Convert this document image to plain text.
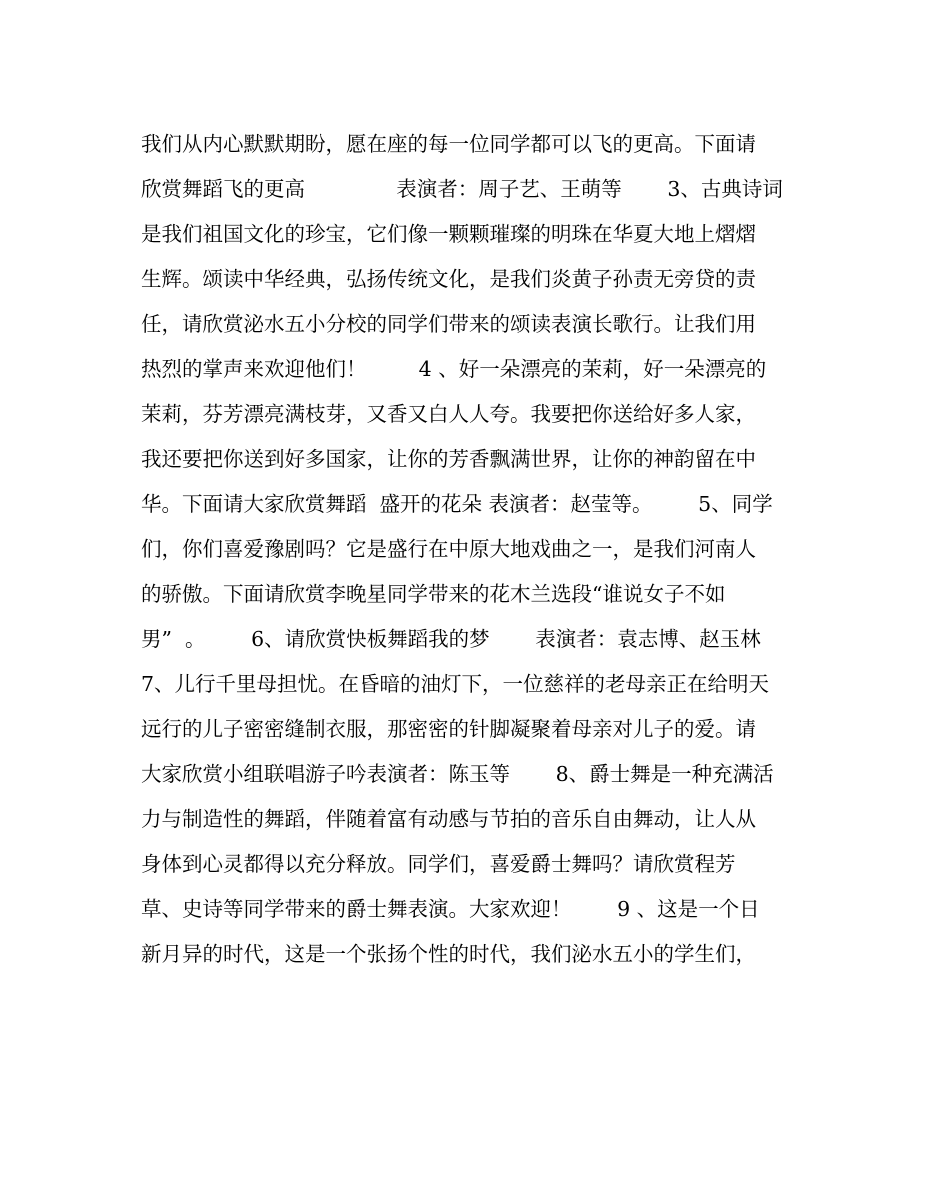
我们从内心默默期盼，愿在座的每一位同学都可以飞的更高。下面请
欣赏舞蹈飞的更高              表演者：周子艺、王萌等       3、古典诗词
是我们祖国文化的珍宝，它们像一颗颗璀璨的明珠在华夏大地上熠熠
生辉。颂读中华经典，弘扬传统文化，是我们炎黄子孙责无旁贷的责
任，请欣赏泌水五小分校的同学们带来的颂读表演长歌行。让我们用
热烈的掌声来欢迎他们！        4 、好一朵漂亮的茉莉，好一朵漂亮的
茉莉，芬芳漂亮满枝芽，又香又白人人夸。我要把你送给好多人家，
我还要把你送到好多国家，让你的芳香飘满世界，让你的神韵留在中
华。下面请大家欣赏舞蹈  盛开的花朵 表演者：赵莹等。       5、同学
们，你们喜爱豫剧吗？它是盛行在中原大地戏曲之一，是我们河南人
的骄傲。下面请欣赏李晚星同学带来的花木兰选段“谁说女子不如
男”  。       6、请欣赏快板舞蹈我的梦       表演者：袁志博、赵玉林
7、儿行千里母担忧。在昏暗的油灯下，一位慈祥的老母亲正在给明天
远行的儿子密密缝制衣服，那密密的针脚凝聚着母亲对儿子的爱。请
大家欣赏小组联唱游子吟表演者：陈玉等       8、爵士舞是一种充满活
力与制造性的舞蹈，伴随着富有动感与节拍的音乐自由舞动，让人从
身体到心灵都得以充分释放。同学们，喜爱爵士舞吗？请欣赏程芳
草、史诗等同学带来的爵士舞表演。大家欢迎！       9 、这是一个日
新月异的时代，这是一个张扬个性的时代，我们泌水五小的学生们，
